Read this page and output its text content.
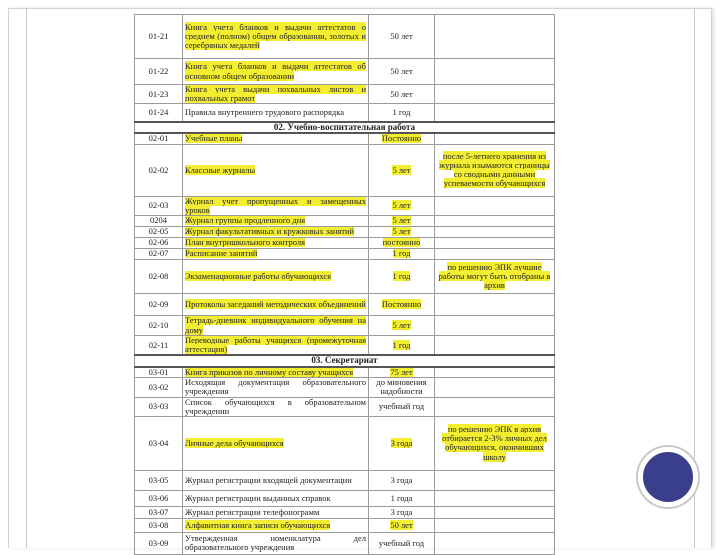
01-21	Книга учета бланков и выдачи аттестатов о среднем (полном) общем образовании, золотых и серебряных медалей	50 лет	
01-22	Книга учета бланков и выдачи аттестатов об основном общем образовании	50 лет	
01-23	Книга учета выдачи похвальных листов и похвальных грамот	50 лет	
01-24	Правила внутреннего трудового распорядка	1 год	
02. Учебно-воспитательная работа			
02-01	Учебные планы	Постоянно	
02-02	Классные журналы	5 лет	после 5-летнего хранения из журнала изымаются страницы со сводными данными успеваемости обучающихся
02-03	Журнал учет пропущенных и замещенных уроков	5 лет	
0204	Журнал группы продленного дня	5 лет	
02-05	Журнал факультативных и кружковых занятий	5 лет	
02-06	План внутришкольного контроля	постоянно	
02-07	Расписание занятий	1 год	
02-08	Экзаменационные работы обучающихся	1 год	по решению ЭПК лучшие работы могут быть отобраны в архив
02-09	Протоколы заседаний методических объединений	Постоянно	
02-10	Тетрадь-дневник индивидуального обучения на дому	5 лет	
02-11	Переводные работы учащихся (промежуточная аттестация)	1 год	
03. Секретариат			
03-01	Книга приказов по личному составу учащихся	75 лет	
03-02	Исходящая документация образовательного учреждения	до миновения надобности	
03-03	Список обучающихся в образовательном учреждении	учебный год	
03-04	Личные дела обучающихся	3 года	по решению ЭПК в архив отбирается 2-3% личных дел обучающихся, окончивших школу
03-05	Журнал регистрации входящей документации	3 года	
03-06	Журнал регистрации выданных справок	1 года	
03-07	Журнал регистрации телефонограмм	3 года	
03-08	Алфавитная книга записи обучающихся	50 лет	
03-09	Утвержденная номенклатура дел образовательного учреждения	учебный год	
